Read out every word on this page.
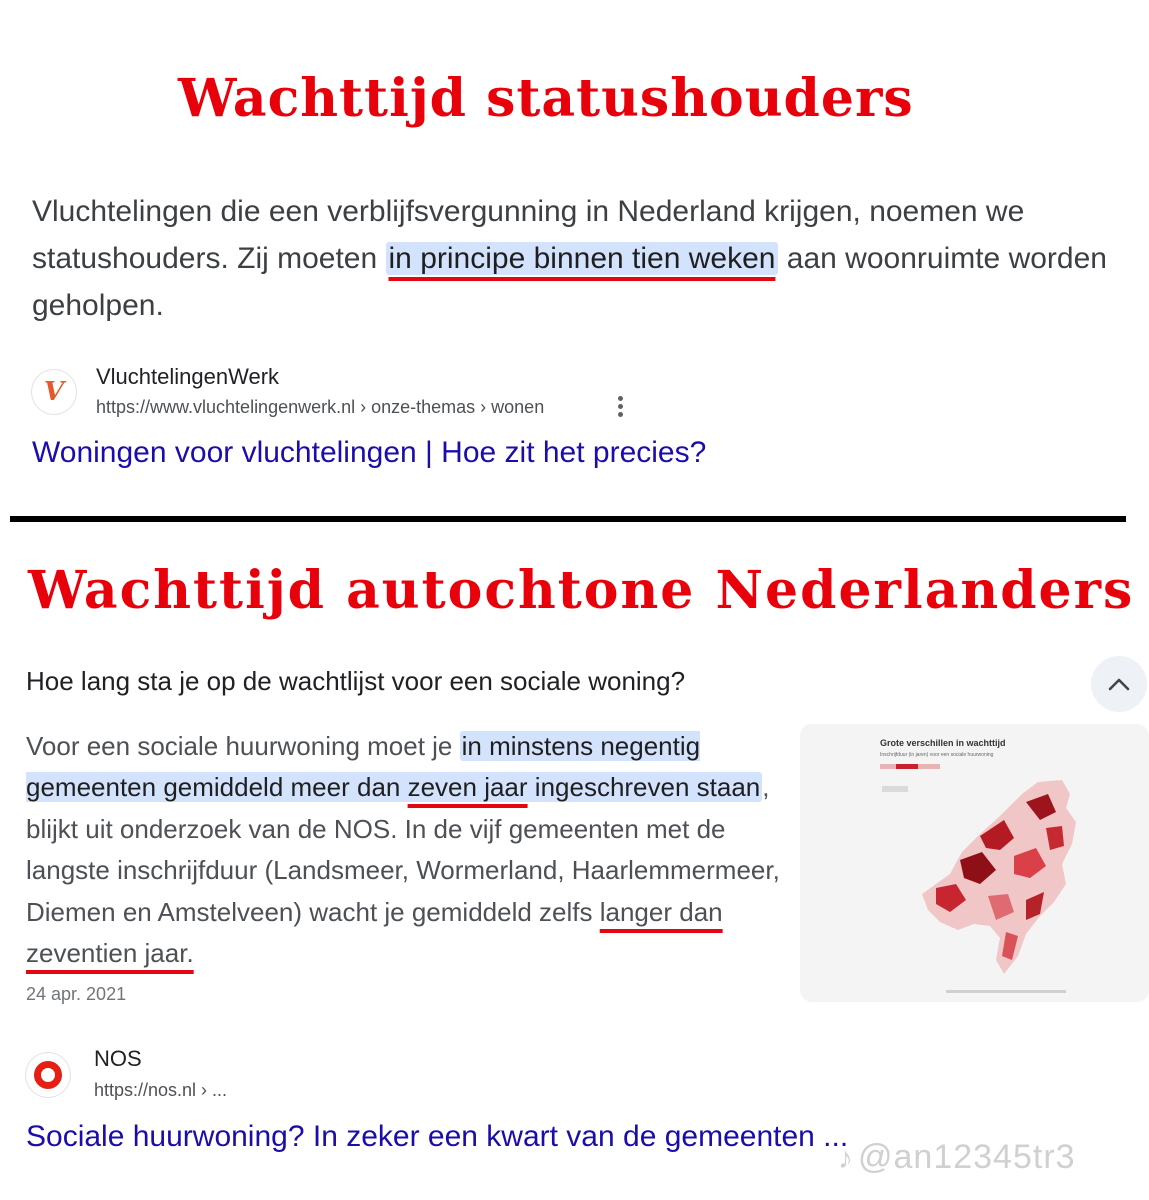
Wachttijd statushouders
Vluchtelingen die een verblijfsvergunning in Nederland krijgen, noemen we statushouders. Zij moeten in principe binnen tien weken aan woonruimte worden geholpen.
V
VluchtelingenWerk
https://www.vluchtelingenwerk.nl › onze-themas › wonen
Woningen voor vluchtelingen | Hoe zit het precies?
Wachttijd autochtone Nederlanders
Hoe lang sta je op de wachtlijst voor een sociale woning?
Voor een sociale huurwoning moet je in minstens negentig gemeenten gemiddeld meer dan zeven jaar ingeschreven staan, blijkt uit onderzoek van de NOS. In de vijf gemeenten met de langste inschrijfduur (Landsmeer, Wormerland, Haarlemmermeer, Diemen en Amstelveen) wacht je gemiddeld zelfs langer dan zeventien jaar.
24 apr. 2021
Grote verschillen in wachttijd
Inschrijfduur (in jaren) voor een sociale huurwoning
NOS
https://nos.nl › ...
Sociale huurwoning? In zeker een kwart van de gemeenten ...
♪ @an12345tr3
